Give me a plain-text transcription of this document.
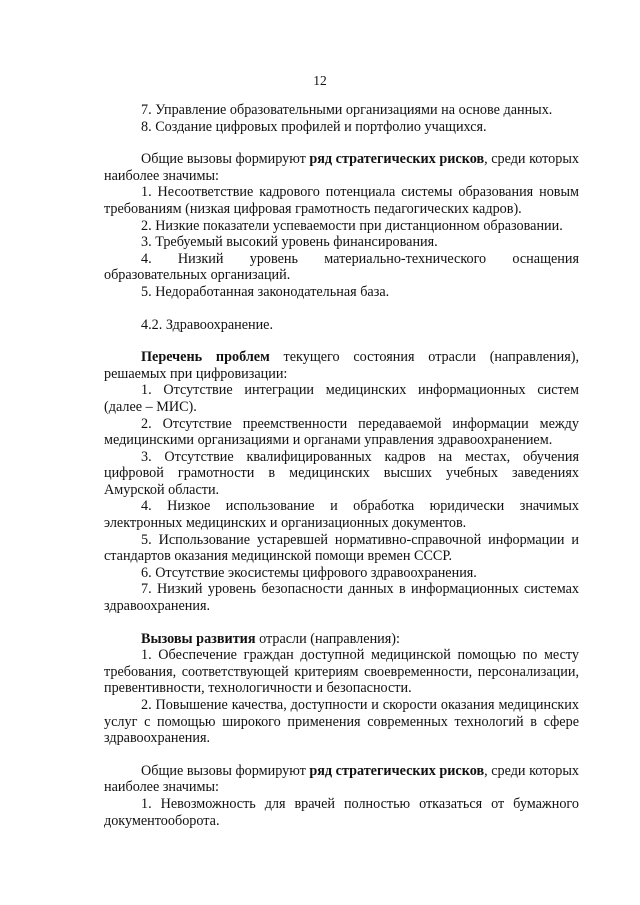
12
7. Управление образовательными организациями на основе данных.
8. Создание цифровых профилей и портфолио учащихся.
Общие вызовы формируют ряд стратегических рисков, среди которых наиболее значимы:
1. Несоответствие кадрового потенциала системы образования новым требованиям (низкая цифровая грамотность педагогических кадров).
2. Низкие показатели успеваемости при дистанционном образовании.
3. Требуемый высокий уровень финансирования.
4. Низкий уровень материально-технического оснащения образовательных организаций.
5. Недоработанная законодательная база.
4.2. Здравоохранение.
Перечень проблем текущего состояния отрасли (направления), решаемых при цифровизации:
1. Отсутствие интеграции медицинских информационных систем (далее – МИС).
2. Отсутствие преемственности передаваемой информации между медицинскими организациями и органами управления здравоохранением.
3. Отсутствие квалифицированных кадров на местах, обучения цифровой грамотности в медицинских высших учебных заведениях Амурской области.
4. Низкое использование и обработка юридически значимых электронных медицинских и организационных документов.
5. Использование устаревшей нормативно-справочной информации и стандартов оказания медицинской помощи времен СССР.
6. Отсутствие экосистемы цифрового здравоохранения.
7. Низкий уровень безопасности данных в информационных системах здравоохранения.
Вызовы развития отрасли (направления):
1. Обеспечение граждан доступной медицинской помощью по месту требования, соответствующей критериям своевременности, персонализации, превентивности, технологичности и безопасности.
2. Повышение качества, доступности и скорости оказания медицинских услуг с помощью широкого применения современных технологий в сфере здравоохранения.
Общие вызовы формируют ряд стратегических рисков, среди которых наиболее значимы:
1. Невозможность для врачей полностью отказаться от бумажного документооборота.
